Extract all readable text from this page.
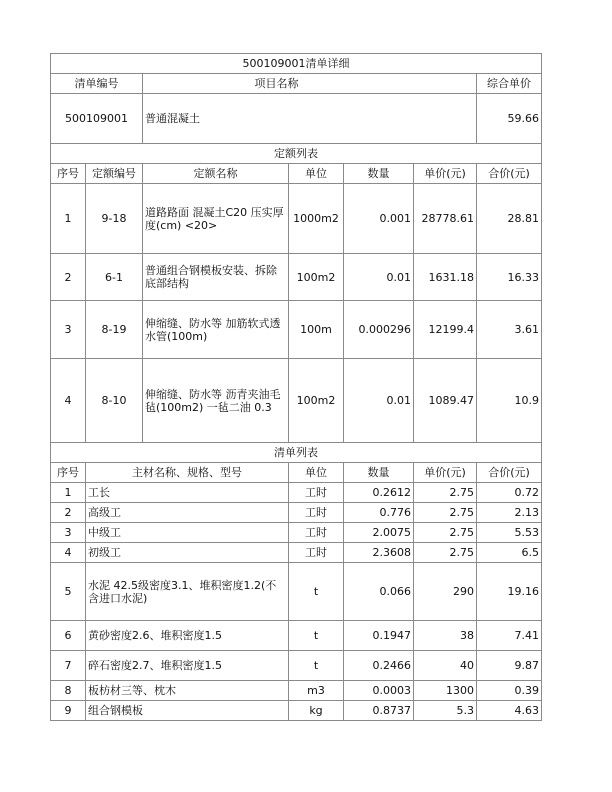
500109001清单详细						
清单编号		项目名称				综合单价
500109001		普通混凝土				59.66
定额列表						
序号	定额编号	定额名称	单位	数量	单价(元)	合价(元)
1	9-18	道路路面 混凝土C20 压实厚度(cm) <20>	1000m2	0.001	28778.61	28.81
2	6-1	普通组合钢模板安装、拆除 底部结构	100m2	0.01	1631.18	16.33
3	8-19	伸缩缝、防水等 加筋软式透水管(100m)	100m	0.000296	12199.4	3.61
4	8-10	伸缩缝、防水等 沥青夹油毛毡(100m2) 一毡二油 0.3	100m2	0.01	1089.47	10.9
清单列表						
序号	主材名称、规格、型号		单位	数量	单价(元)	合价(元)
1	工长		工时	0.2612	2.75	0.72
2	高级工		工时	0.776	2.75	2.13
3	中级工		工时	2.0075	2.75	5.53
4	初级工		工时	2.3608	2.75	6.5
5	水泥 42.5级密度3.1、堆积密度1.2(不含进口水泥)		t	0.066	290	19.16
6	黄砂密度2.6、堆积密度1.5		t	0.1947	38	7.41
7	碎石密度2.7、堆积密度1.5		t	0.2466	40	9.87
8	板枋材三等、枕木		m3	0.0003	1300	0.39
9	组合钢模板		kg	0.8737	5.3	4.63
